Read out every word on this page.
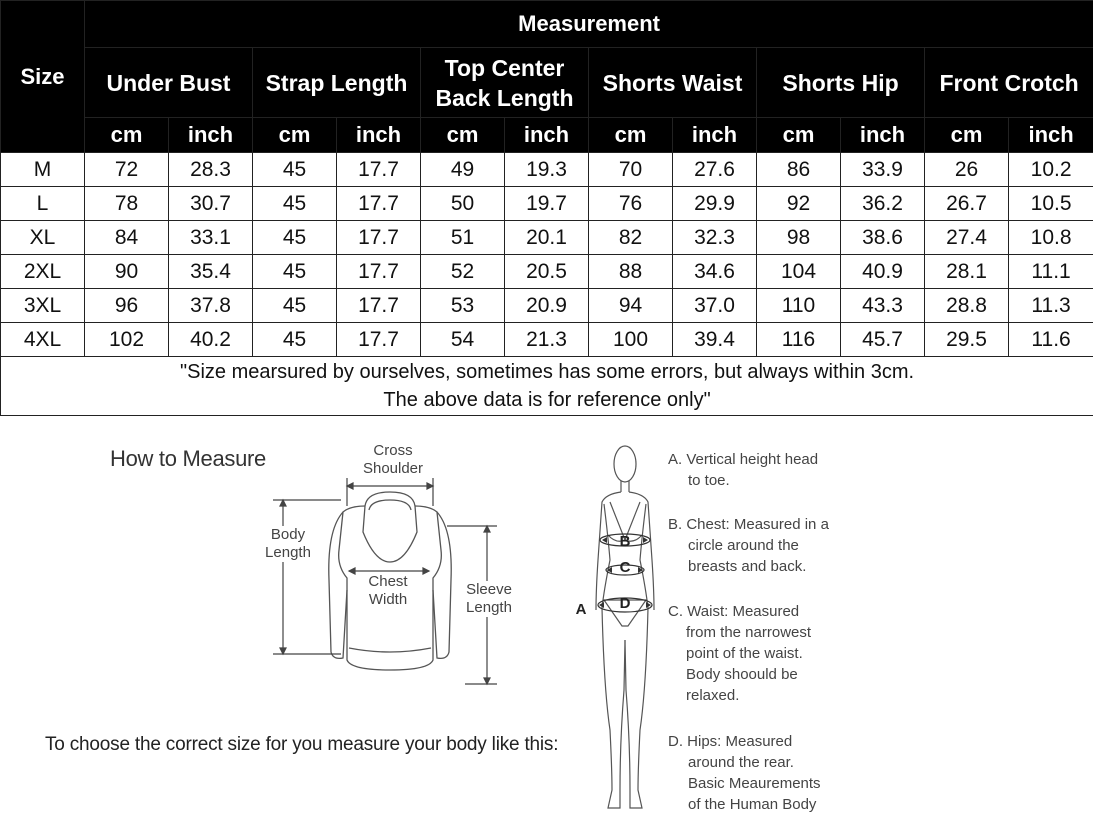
Size	Measurement											
	Under Bust		Strap Length		Top Center Back Length		Shorts Waist		Shorts Hip		Front Crotch	
	cm	inch	cm	inch	cm	inch	cm	inch	cm	inch	cm	inch
M	72	28.3	45	17.7	49	19.3	70	27.6	86	33.9	26	10.2
L	78	30.7	45	17.7	50	19.7	76	29.9	92	36.2	26.7	10.5
XL	84	33.1	45	17.7	51	20.1	82	32.3	98	38.6	27.4	10.8
2XL	90	35.4	45	17.7	52	20.5	88	34.6	104	40.9	28.1	11.1
3XL	96	37.8	45	17.7	53	20.9	94	37.0	110	43.3	28.8	11.3
4XL	102	40.2	45	17.7	54	21.3	100	39.4	116	45.7	29.5	11.6
"Size mearsured by ourselves, sometimes has some errors, but always within 3cm.
The above data is for reference only"												
How to Measure
To choose the correct size for you measure your body like this:
Cross
Shoulder
Body
Length
Chest
Width
Sleeve
Length	A
B
C
D
A. Vertical height head

to toe.
B. Chest: Measured in a

circle around the
breasts and back.
C. Waist: Measured

from the narrowest
point of the waist.
Body shoould be
relaxed.
D. Hips: Measured

around the rear.
Basic Meaurements
of the Human Body
